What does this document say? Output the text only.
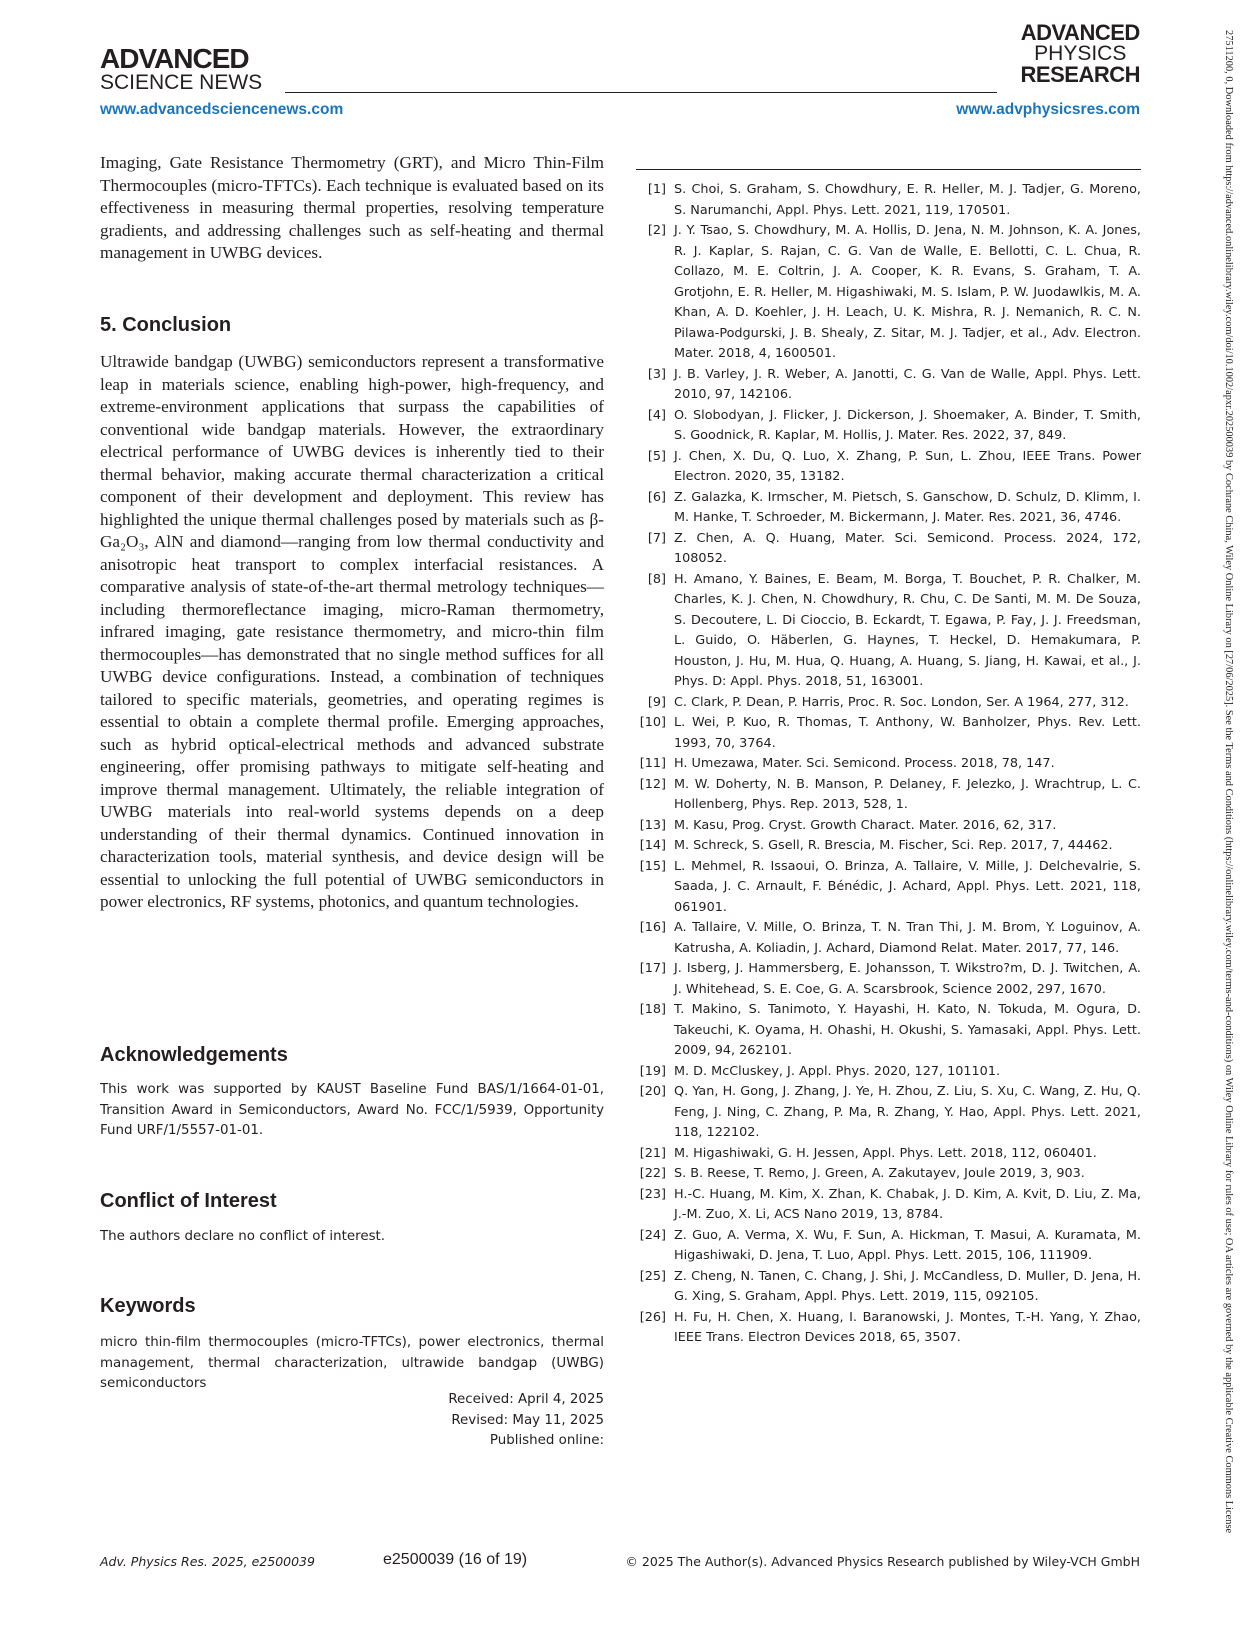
ADVANCED
SCIENCE NEWS
ADVANCED
PHYSICS
RESEARCH
www.advancedsciencenews.com	www.advphysicsres.com

Imaging, Gate Resistance Thermometry (GRT), and Micro Thin-Film Thermocouples (micro-TFTCs). Each technique is evaluated based on its effectiveness in measuring thermal properties, resolving temperature gradients, and addressing challenges such as self-heating and thermal management in UWBG devices.

5. Conclusion

Ultrawide bandgap (UWBG) semiconductors represent a transformative leap in materials science, enabling high-power, high-frequency, and extreme-environment applications that surpass the capabilities of conventional wide bandgap materials. However, the extraordinary electrical performance of UWBG devices is inherently tied to their thermal behavior, making accurate thermal characterization a critical component of their development and deployment. This review has highlighted the unique thermal challenges posed by materials such as β-Ga₂O₃, AlN and diamond—ranging from low thermal conductivity and anisotropic heat transport to complex interfacial resistances. A comparative analysis of state-of-the-art thermal metrology techniques—including thermoreflectance imaging, micro-Raman thermometry, infrared imaging, gate resistance thermometry, and micro-thin film thermocouples—has demonstrated that no single method suffices for all UWBG device configurations. Instead, a combination of techniques tailored to specific materials, geometries, and operating regimes is essential to obtain a complete thermal profile. Emerging approaches, such as hybrid optical-electrical methods and advanced substrate engineering, offer promising pathways to mitigate self-heating and improve thermal management. Ultimately, the reliable integration of UWBG materials into real-world systems depends on a deep understanding of their thermal dynamics. Continued innovation in characterization tools, material synthesis, and device design will be essential to unlocking the full potential of UWBG semiconductors in power electronics, RF systems, photonics, and quantum technologies.

Acknowledgements

This work was supported by KAUST Baseline Fund BAS/1/1664-01-01, Transition Award in Semiconductors, Award No. FCC/1/5939, Opportunity Fund URF/1/5557-01-01.

Conflict of Interest

The authors declare no conflict of interest.

Keywords

micro thin-film thermocouples (micro-TFTCs), power electronics, thermal management, thermal characterization, ultrawide bandgap (UWBG) semiconductors

Received: April 4, 2025
Revised: May 11, 2025
Published online:
[1] S. Choi, S. Graham, S. Chowdhury, E. R. Heller, M. J. Tadjer, G. Moreno, S. Narumanchi, Appl. Phys. Lett. 2021, 119, 170501.
[2] J. Y. Tsao, S. Chowdhury, M. A. Hollis, D. Jena, N. M. Johnson, K. A. Jones, R. J. Kaplar, S. Rajan, C. G. Van de Walle, E. Bellotti, C. L. Chua, R. Collazo, M. E. Coltrin, J. A. Cooper, K. R. Evans, S. Graham, T. A. Grotjohn, E. R. Heller, M. Higashiwaki, M. S. Islam, P. W. Juodawlkis, M. A. Khan, A. D. Koehler, J. H. Leach, U. K. Mishra, R. J. Nemanich, R. C. N. Pilawa-Podgurski, J. B. Shealy, Z. Sitar, M. J. Tadjer, et al., Adv. Electron. Mater. 2018, 4, 1600501.
[3] J. B. Varley, J. R. Weber, A. Janotti, C. G. Van de Walle, Appl. Phys. Lett. 2010, 97, 142106.
[4] O. Slobodyan, J. Flicker, J. Dickerson, J. Shoemaker, A. Binder, T. Smith, S. Goodnick, R. Kaplar, M. Hollis, J. Mater. Res. 2022, 37, 849.
[5] J. Chen, X. Du, Q. Luo, X. Zhang, P. Sun, L. Zhou, IEEE Trans. Power Electron. 2020, 35, 13182.
[6] Z. Galazka, K. Irmscher, M. Pietsch, S. Ganschow, D. Schulz, D. Klimm, I. M. Hanke, T. Schroeder, M. Bickermann, J. Mater. Res. 2021, 36, 4746.
[7] Z. Chen, A. Q. Huang, Mater. Sci. Semicond. Process. 2024, 172, 108052.
[8] H. Amano, Y. Baines, E. Beam, M. Borga, T. Bouchet, P. R. Chalker, M. Charles, K. J. Chen, N. Chowdhury, R. Chu, C. De Santi, M. M. De Souza, S. Decoutere, L. Di Cioccio, B. Eckardt, T. Egawa, P. Fay, J. J. Freedsman, L. Guido, O. Häberlen, G. Haynes, T. Heckel, D. Hemakumara, P. Houston, J. Hu, M. Hua, Q. Huang, A. Huang, S. Jiang, H. Kawai, et al., J. Phys. D: Appl. Phys. 2018, 51, 163001.
[9] C. Clark, P. Dean, P. Harris, Proc. R. Soc. London, Ser. A 1964, 277, 312.
[10] L. Wei, P. Kuo, R. Thomas, T. Anthony, W. Banholzer, Phys. Rev. Lett. 1993, 70, 3764.
[11] H. Umezawa, Mater. Sci. Semicond. Process. 2018, 78, 147.
[12] M. W. Doherty, N. B. Manson, P. Delaney, F. Jelezko, J. Wrachtrup, L. C. Hollenberg, Phys. Rep. 2013, 528, 1.
[13] M. Kasu, Prog. Cryst. Growth Charact. Mater. 2016, 62, 317.
[14] M. Schreck, S. Gsell, R. Brescia, M. Fischer, Sci. Rep. 2017, 7, 44462.
[15] L. Mehmel, R. Issaoui, O. Brinza, A. Tallaire, V. Mille, J. Delchevalrie, S. Saada, J. C. Arnault, F. Bénédic, J. Achard, Appl. Phys. Lett. 2021, 118, 061901.
[16] A. Tallaire, V. Mille, O. Brinza, T. N. Tran Thi, J. M. Brom, Y. Loguinov, A. Katrusha, A. Koliadin, J. Achard, Diamond Relat. Mater. 2017, 77, 146.
[17] J. Isberg, J. Hammersberg, E. Johansson, T. Wikstro?m, D. J. Twitchen, A. J. Whitehead, S. E. Coe, G. A. Scarsbrook, Science 2002, 297, 1670.
[18] T. Makino, S. Tanimoto, Y. Hayashi, H. Kato, N. Tokuda, M. Ogura, D. Takeuchi, K. Oyama, H. Ohashi, H. Okushi, S. Yamasaki, Appl. Phys. Lett. 2009, 94, 262101.
[19] M. D. McCluskey, J. Appl. Phys. 2020, 127, 101101.
[20] Q. Yan, H. Gong, J. Zhang, J. Ye, H. Zhou, Z. Liu, S. Xu, C. Wang, Z. Hu, Q. Feng, J. Ning, C. Zhang, P. Ma, R. Zhang, Y. Hao, Appl. Phys. Lett. 2021, 118, 122102.
[21] M. Higashiwaki, G. H. Jessen, Appl. Phys. Lett. 2018, 112, 060401.
[22] S. B. Reese, T. Remo, J. Green, A. Zakutayev, Joule 2019, 3, 903.
[23] H.-C. Huang, M. Kim, X. Zhan, K. Chabak, J. D. Kim, A. Kvit, D. Liu, Z. Ma, J.-M. Zuo, X. Li, ACS Nano 2019, 13, 8784.
[24] Z. Guo, A. Verma, X. Wu, F. Sun, A. Hickman, T. Masui, A. Kuramata, M. Higashiwaki, D. Jena, T. Luo, Appl. Phys. Lett. 2015, 106, 111909.
[25] Z. Cheng, N. Tanen, C. Chang, J. Shi, J. McCandless, D. Muller, D. Jena, H. G. Xing, S. Graham, Appl. Phys. Lett. 2019, 115, 092105.
[26] H. Fu, H. Chen, X. Huang, I. Baranowski, J. Montes, T.-H. Yang, Y. Zhao, IEEE Trans. Electron Devices 2018, 65, 3507.
Adv. Physics Res. 2025, e2500039	e2500039 (16 of 19)	© 2025 The Author(s). Advanced Physics Research published by Wiley-VCH GmbH
27511200, 0, Downloaded from https://advanced.onlinelibrary.wiley.com/doi/10.1002/apxr.202500039 by Cochrane China, Wiley Online Library on [27/06/2025]. See the Terms and Conditions (https://onlinelibrary.wiley.com/terms-and-conditions) on Wiley Online Library for rules of use; OA articles are governed by the applicable Creative Commons License
